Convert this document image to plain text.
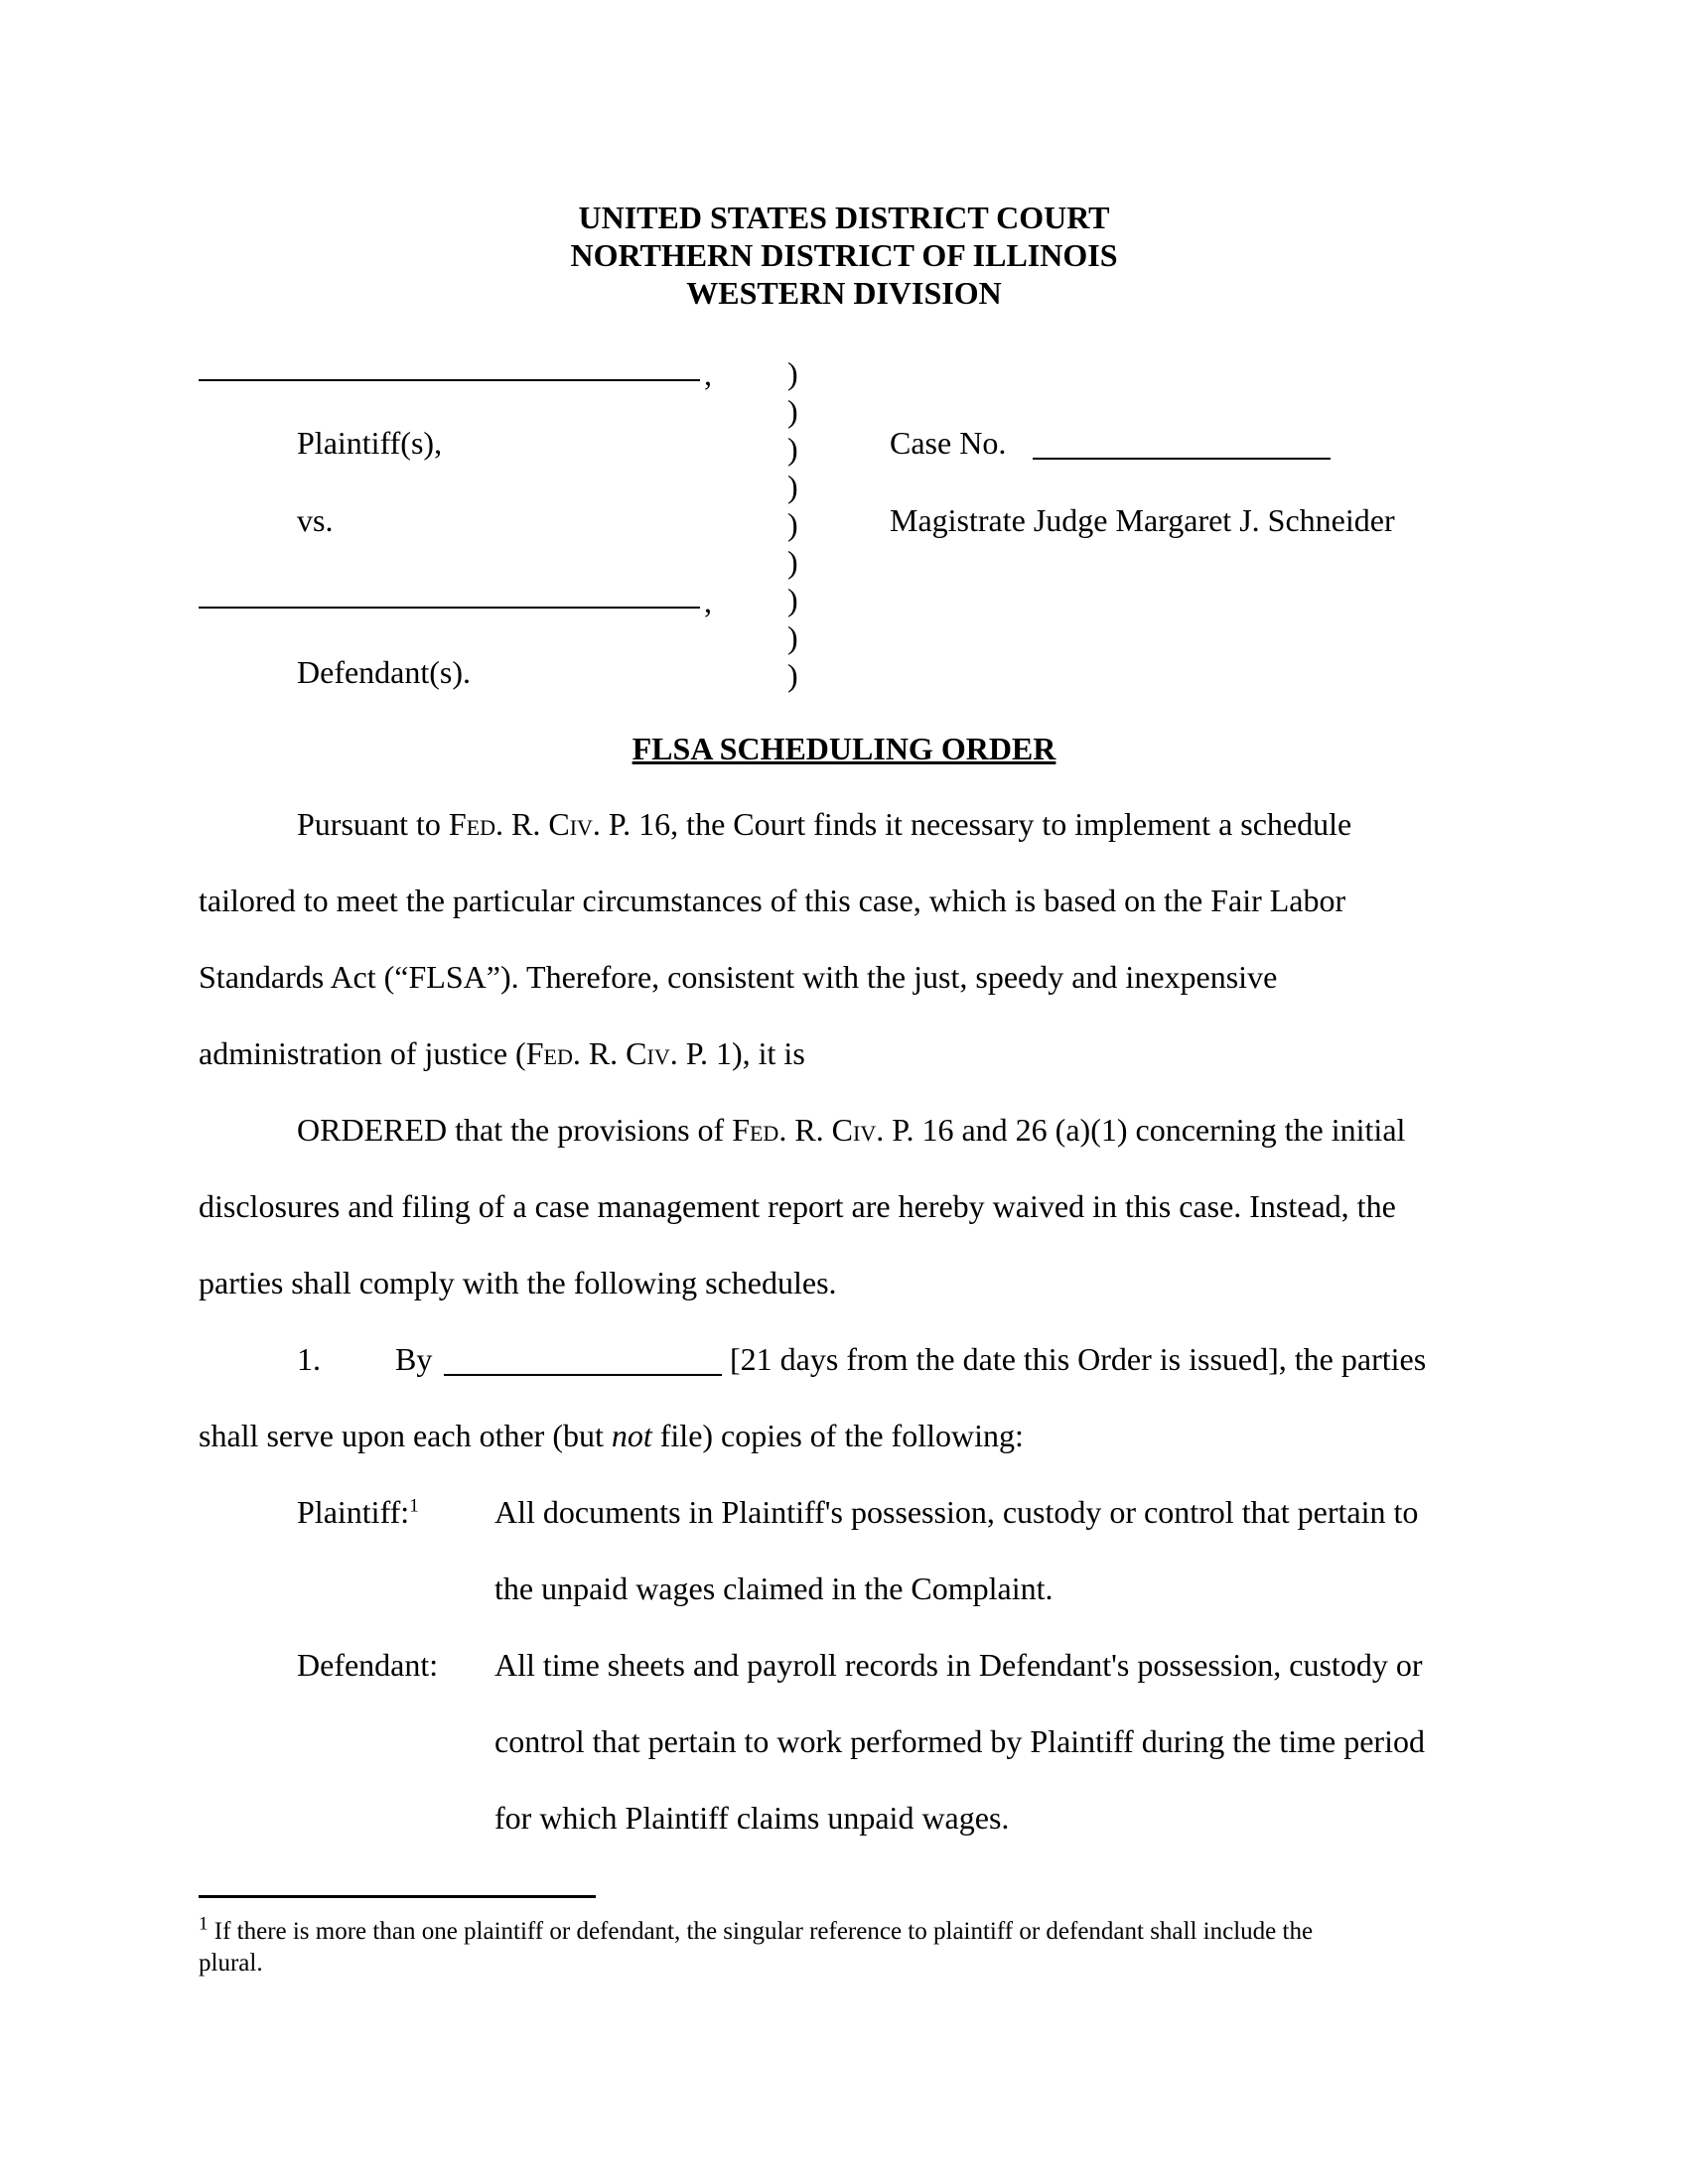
UNITED STATES DISTRICT COURT
NORTHERN DISTRICT OF ILLINOIS
WESTERN DIVISION
,
Plaintiff(s),
vs.
,
Defendant(s).
)
)
)
)
)
)
)
)
)
Case No.
Magistrate Judge Margaret J. Schneider
FLSA SCHEDULING ORDER
Pursuant to Fed. R. Civ. P. 16, the Court finds it necessary to implement a schedule
tailored to meet the particular circumstances of this case, which is based on the Fair Labor
Standards Act (“FLSA”). Therefore, consistent with the just, speedy and inexpensive
administration of justice (Fed. R. Civ. P. 1), it is
ORDERED that the provisions of Fed. R. Civ. P. 16 and 26 (a)(1) concerning the initial
disclosures and filing of a case management report are hereby waived in this case. Instead, the
parties shall comply with the following schedules.
1. By	[21 days from the date this Order is issued], the parties
shall serve upon each other (but not file) copies of the following:
Plaintiff:$^1$ All documents in Plaintiff's possession, custody or control that pertain to
the unpaid wages claimed in the Complaint.
Defendant: All time sheets and payroll records in Defendant's possession, custody or
control that pertain to work performed by Plaintiff during the time period
for which Plaintiff claims unpaid wages.
$^1$ If there is more than one plaintiff or defendant, the singular reference to plaintiff or defendant shall include the
plural.
